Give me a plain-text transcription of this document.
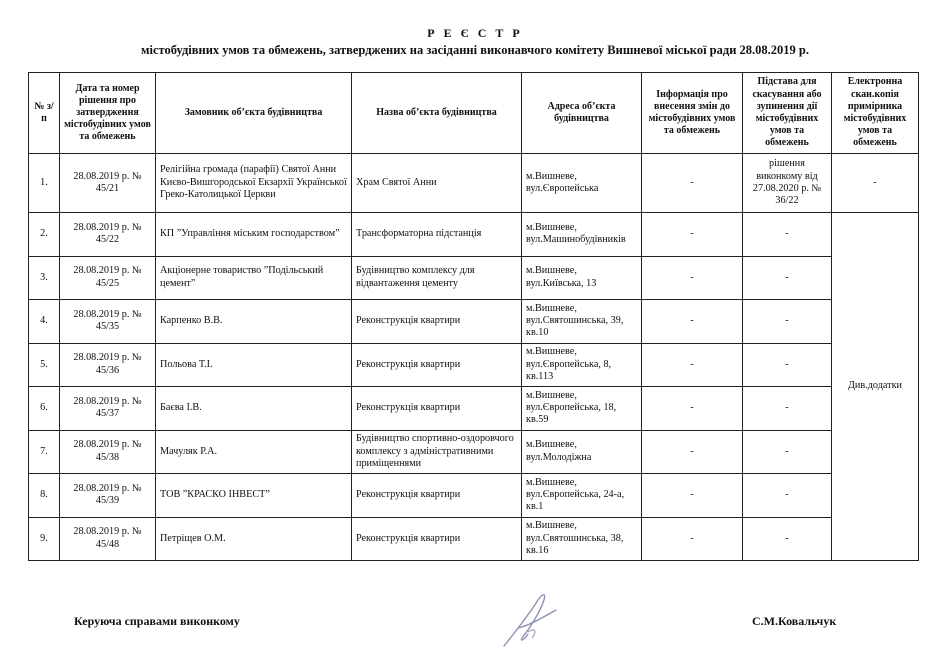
Р Е Є С Т Р
містобудівних умов та обмежень, затверджених на засіданні виконавчого комітету Вишневої міської ради 28.08.2019 р.
№ з/п	Дата та номер рішення про затвердження містобудівних умов та обмежень	Замовник об’єкта будівництва	Назва об’єкта будівництва	Адреса об’єкта будівництва	Інформація про внесення змін до містобудівних умов та обмежень	Підстава для скасування або зупинення дії містобудівних умов та обмежень	Електронна скан.копія примірника містобудівних умов та обмежень
1.	28.08.2019 р. № 45/21	Релігійна громада (парафії) Святої Анни Києво-Вишгородської Екзархії Української Греко-Католицької Церкви	Храм Святої Анни	м.Вишневе, вул.Європейська	-	рішення виконкому від 27.08.2020 р. № 36/22	-
2.	28.08.2019 р. № 45/22	КП ”Управління міським господарством”	Трансформаторна підстанція	м.Вишневе, вул.Машинобудівників	-	-	Див.додатки
3.	28.08.2019 р. № 45/25	Акціонерне товариство ”Подільський цемент”	Будівництво комплексу для відвантаження цементу	м.Вишневе, вул.Київська, 13	-	-	
4.	28.08.2019 р. № 45/35	Карпенко В.В.	Реконструкція квартири	м.Вишневе, вул.Святошинська, 39, кв.10	-	-	
5.	28.08.2019 р. № 45/36	Польова Т.І.	Реконструкція квартири	м.Вишневе, вул.Європейська, 8, кв.113	-	-	
6.	28.08.2019 р. № 45/37	Баєва І.В.	Реконструкція квартири	м.Вишневе, вул.Європейська, 18, кв.59	-	-	
7.	28.08.2019 р. № 45/38	Мачуляк Р.А.	Будівництво спортивно-оздоровчого комплексу з адміністративними приміщеннями	м.Вишневе, вул.Молодіжна	-	-	
8.	28.08.2019 р. № 45/39	ТОВ ”КРАСКО ІНВЕСТ”	Реконструкція квартири	м.Вишневе, вул.Європейська, 24-а, кв.1	-	-	
9.	28.08.2019 р. № 45/48	Петріщев О.М.	Реконструкція квартири	м.Вишневе, вул.Святошинська, 38, кв.16	-	-	
Керуюча справами виконкому	С.М.Ковальчук
